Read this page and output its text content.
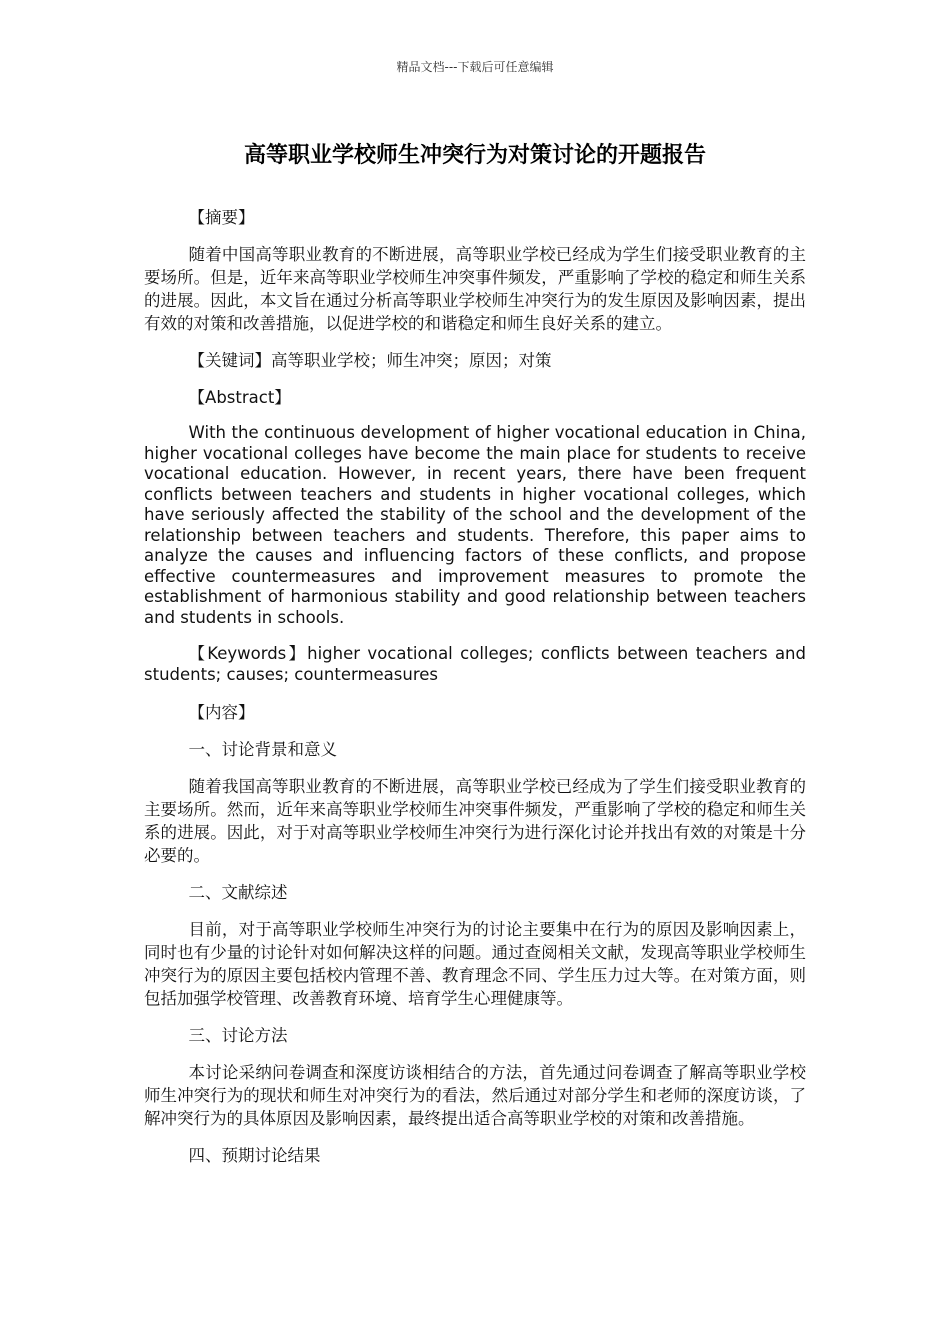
精品文档---下载后可任意编辑
高等职业学校师生冲突行为对策讨论的开题报告

【摘要】

随着中国高等职业教育的不断进展，高等职业学校已经成为学生们接受职业教育的主要场所。但是，近年来高等职业学校师生冲突事件频发，严重影响了学校的稳定和师生关系的进展。因此，本文旨在通过分析高等职业学校师生冲突行为的发生原因及影响因素，提出有效的对策和改善措施，以促进学校的和谐稳定和师生良好关系的建立。

【关键词】高等职业学校；师生冲突；原因；对策

【Abstract】

With the continuous development of higher vocational education in China, higher vocational colleges have become the main place for students to receive vocational education. However, in recent years, there have been frequent conflicts between teachers and students in higher vocational colleges, which have seriously affected the stability of the school and the development of the relationship between teachers and students. Therefore, this paper aims to analyze the causes and influencing factors of these conflicts, and propose effective countermeasures and improvement measures to promote the establishment of harmonious stability and good relationship between teachers and students in schools.

【Keywords】higher vocational colleges; conflicts between teachers and students; causes; countermeasures

【内容】

一、讨论背景和意义

随着我国高等职业教育的不断进展，高等职业学校已经成为了学生们接受职业教育的主要场所。然而，近年来高等职业学校师生冲突事件频发，严重影响了学校的稳定和师生关系的进展。因此，对于对高等职业学校师生冲突行为进行深化讨论并找出有效的对策是十分必要的。

二、文献综述

目前，对于高等职业学校师生冲突行为的讨论主要集中在行为的原因及影响因素上，同时也有少量的讨论针对如何解决这样的问题。通过查阅相关文献，发现高等职业学校师生冲突行为的原因主要包括校内管理不善、教育理念不同、学生压力过大等。在对策方面，则包括加强学校管理、改善教育环境、培育学生心理健康等。

三、讨论方法

本讨论采纳问卷调查和深度访谈相结合的方法，首先通过问卷调查了解高等职业学校师生冲突行为的现状和师生对冲突行为的看法，然后通过对部分学生和老师的深度访谈，了解冲突行为的具体原因及影响因素，最终提出适合高等职业学校的对策和改善措施。

四、预期讨论结果
